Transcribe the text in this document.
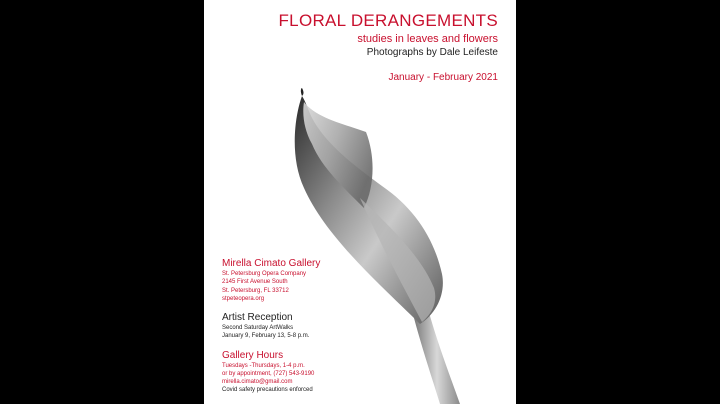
FLORAL DERANGEMENTS
studies in leaves and flowers
Photographs by Dale Leifeste
January - February 2021
Mirella Cimato Gallery
St. Petersburg Opera Company
2145 First Avenue South
St. Petersburg, FL 33712
stpeteopera.org
Artist Reception
Second Saturday ArtWalks
January 9, February 13, 5-8 p.m.
Gallery Hours
Tuesdays -Thursdays, 1-4 p.m.
or by appointment, (727) 543-9190
mirella.cimato@gmail.com
Covid safety precautions enforced
